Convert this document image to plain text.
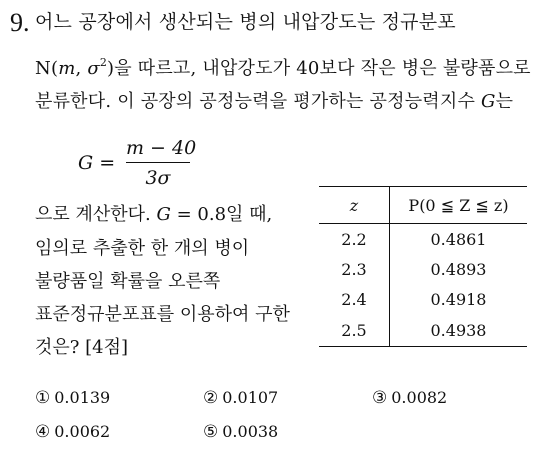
9. 어느 공장에서 생산되는 병의 내압강도는 정규분포
N(m, $\sigma^2$)을 따르고, 내압강도가 40보다 작은 병은 불량품으로
분류한다. 이 공장의 공정능력을 평가하는 공정능력지수 G는
G =
m − 40
3σ
으로 계산한다. G = 0.8일 때,
임의로 추출한 한 개의 병이
불량품일 확률을 오른쪽
표준정규분포표를 이용하여 구한
것은? [4점]
z	P(0 ≦ Z ≦ z)
2.2	0.4861
2.3	0.4893
2.4	0.4918
2.5	0.4938
① 0.0139	② 0.0107	③ 0.0082
④ 0.0062	⑤ 0.0038
